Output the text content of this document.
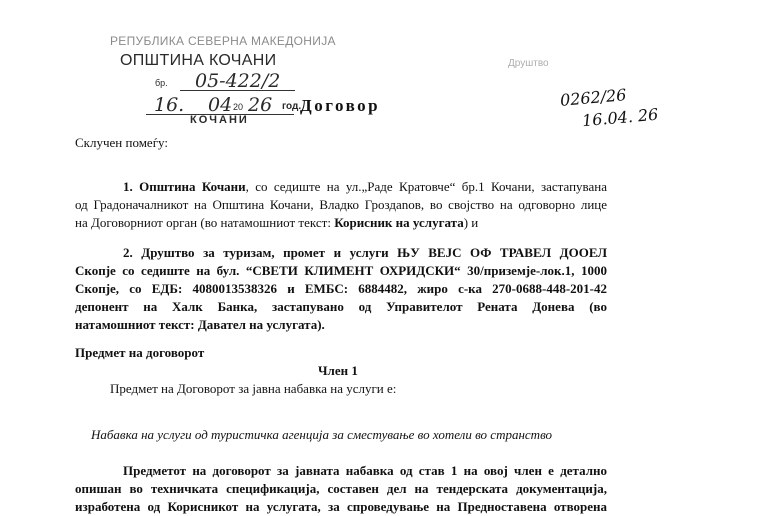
РЕПУБЛИКА СЕВЕРНА МАКЕДОНИЈА
ОПШТИНА КОЧАНИ
бр. 05-422/2
16. 04 20 26 год.
КОЧАНИ
Договор
Друштво
0262/26
16.04. 26
Склучен помеѓу:
1. Општина Кочани, со седиште на ул.„Раде Кратовче“ бр.1 Кочани, застапувана
од Градоначалникот на Општина Кочани, Владко Гроздanов, во својство на одговорно лице
на Договорниот орган (во натамошниот текст: Корисник на услугата) и
2. Друштво за туризам, промет и услуги ЊУ ВЕЈС ОФ ТРАВЕЛ ДООЕЛ
Скопје со седиште на бул. “СВЕТИ КЛИМЕНТ ОХРИДСКИ“ 30/приземје-лок.1, 1000
Скопје, со ЕДБ: 4080013538326 и ЕМБС: 6884482, жиро с-ка 270-0688-448-201-42
депонент на Халк Банка, застапувано од Управителот Рената Донева (во
натамошниот текст: Давател на услугата).
Предмет на договорот
Член 1
Предмет на Договорот за јавна набавка на услуги е:
Набавка на услуги од туристичка агенција за сместување во хотели во странство
Предметот на договорот за јавната набавка од став 1 на овој член е детално
опишан во техничката спецификација, составен дел на тендерската документација,
изработена од Корисникот на услугата, за спроведување на Предноставена отворена
